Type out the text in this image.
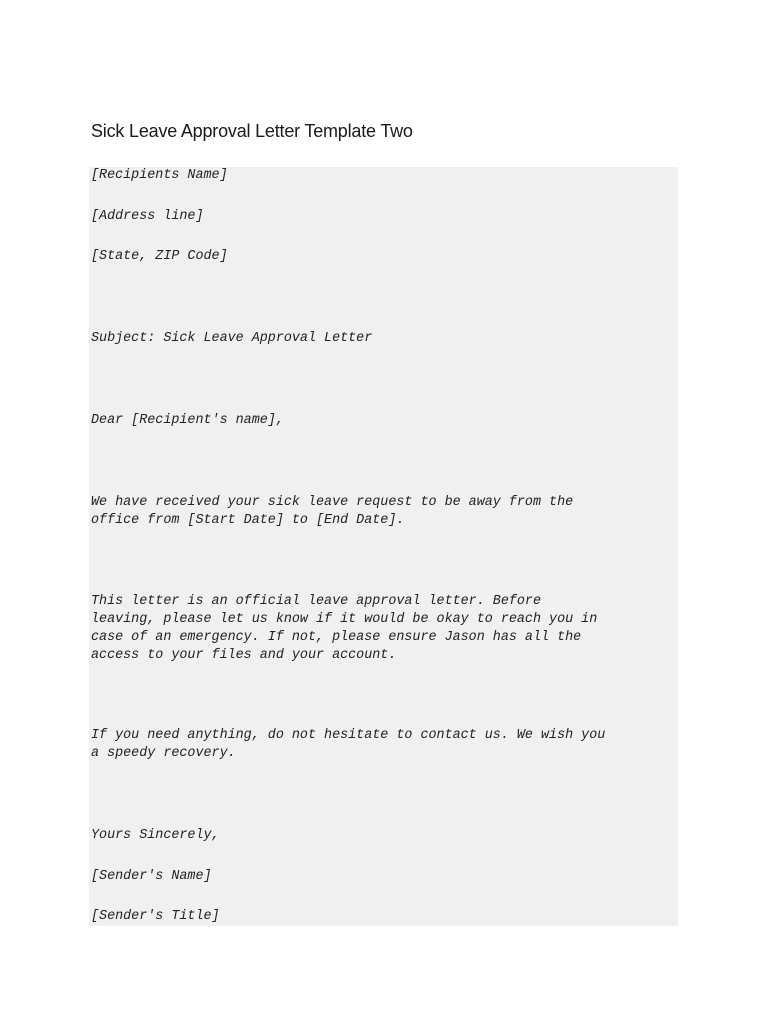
Sick Leave Approval Letter Template Two

[Recipients Name]

[Address line]

[State, ZIP Code]

Subject: Sick Leave Approval Letter

Dear [Recipient's name],

We have received your sick leave request to be away from the
office from [Start Date] to [End Date].

This letter is an official leave approval letter. Before
leaving, please let us know if it would be okay to reach you in
case of an emergency. If not, please ensure Jason has all the
access to your files and your account.

If you need anything, do not hesitate to contact us. We wish you
a speedy recovery.

Yours Sincerely,

[Sender's Name]

[Sender's Title]
